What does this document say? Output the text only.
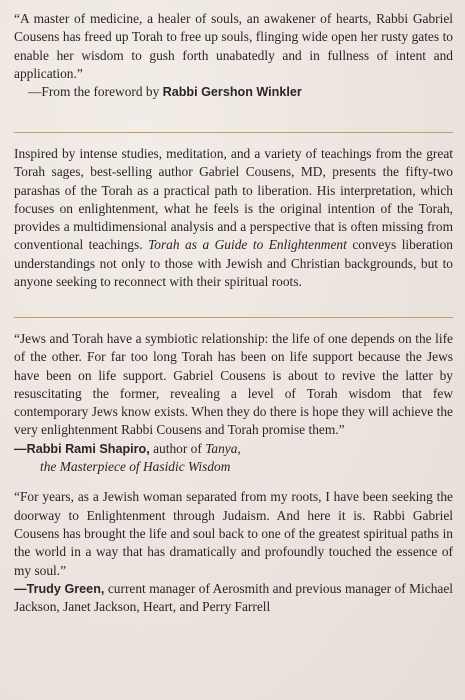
“A master of medicine, a healer of souls, an awakener of hearts, Rabbi Gabriel Cousens has freed up Torah to free up souls, flinging wide open her rusty gates to enable her wisdom to gush forth unabatedly and in fullness of intent and application.”

—From the foreword by Rabbi Gershon Winkler

Inspired by intense studies, meditation, and a variety of teachings from the great Torah sages, best-selling author Gabriel Cousens, MD, presents the fifty-two parashas of the Torah as a practical path to liberation. His interpretation, which focuses on enlightenment, what he feels is the original intention of the Torah, provides a multidimensional analysis and a perspective that is often missing from conventional teachings. Torah as a Guide to Enlightenment conveys liberation understandings not only to those with Jewish and Christian backgrounds, but to anyone seeking to reconnect with their spiritual roots.

“Jews and Torah have a symbiotic relationship: the life of one depends on the life of the other. For far too long Torah has been on life support because the Jews have been on life support. Gabriel Cousens is about to revive the latter by resuscitating the former, revealing a level of Torah wisdom that few contemporary Jews know exists. When they do there is hope they will achieve the very enlightenment Rabbi Cousens and Torah promise them.”

—Rabbi Rami Shapiro, author of Tanya,
the Masterpiece of Hasidic Wisdom

“For years, as a Jewish woman separated from my roots, I have been seeking the doorway to Enlightenment through Judaism. And here it is. Rabbi Gabriel Cousens has brought the life and soul back to one of the greatest spiritual paths in the world in a way that has dramatically and profoundly touched the essence of my soul.”

—Trudy Green, current manager of Aerosmith and previous manager of Michael Jackson, Janet Jackson, Heart, and Perry Farrell
